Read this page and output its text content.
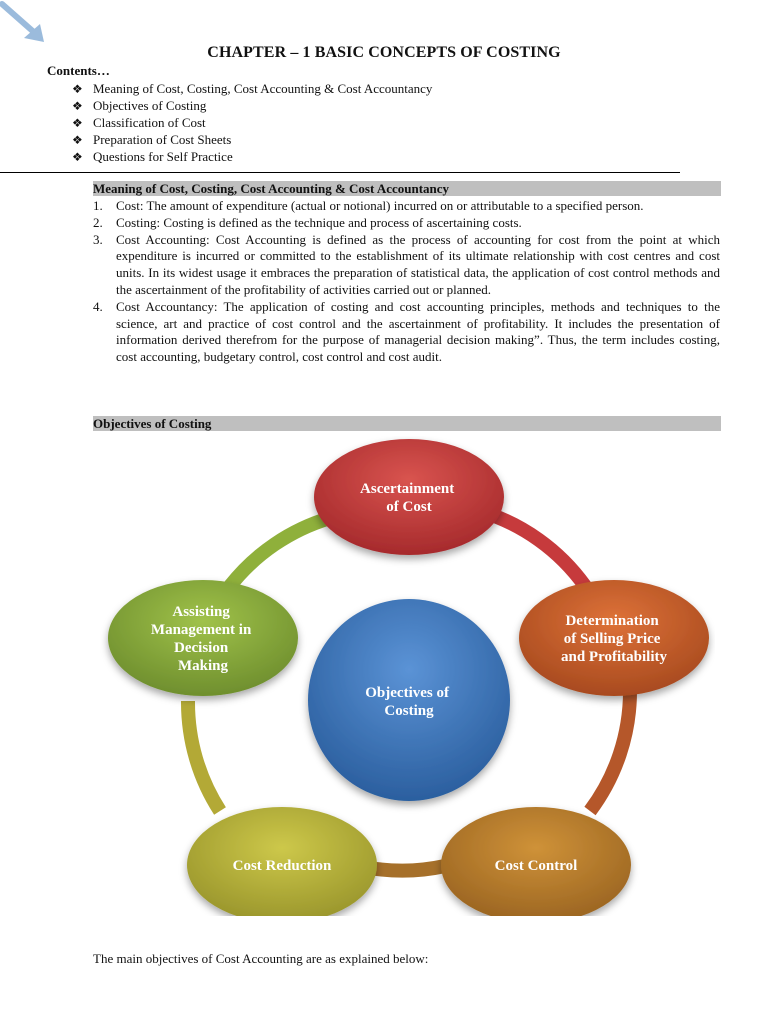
CHAPTER – 1 BASIC CONCEPTS OF COSTING
Contents…
❖ Meaning of Cost, Costing, Cost Accounting & Cost Accountancy
❖ Objectives of Costing
❖ Classification of Cost
❖ Preparation of Cost Sheets
❖ Questions for Self Practice
Meaning of Cost, Costing, Cost Accounting & Cost Accountancy
1. Cost: The amount of expenditure (actual or notional) incurred on or attributable to a specified person.
2. Costing: Costing is defined as the technique and process of ascertaining costs.
3. Cost Accounting: Cost Accounting is defined as the process of accounting for cost from the point at which expenditure is incurred or committed to the establishment of its ultimate relationship with cost centres and cost units. In its widest usage it embraces the preparation of statistical data, the application of cost control methods and the ascertainment of the profitability of activities carried out or planned.
4. Cost Accountancy: The application of costing and cost accounting principles, methods and techniques to the science, art and practice of cost control and the ascertainment of profitability. It includes the presentation of information derived therefrom for the purpose of managerial decision making”. Thus, the term includes costing, cost accounting, budgetary control, cost control and cost audit.
Objectives of Costing
Objectives of Costing
Ascertainment of Cost
Determination of Selling Price and Profitability
Cost Control
Cost Reduction
Assisting Management in Decision Making
The main objectives of Cost Accounting are as explained below:
